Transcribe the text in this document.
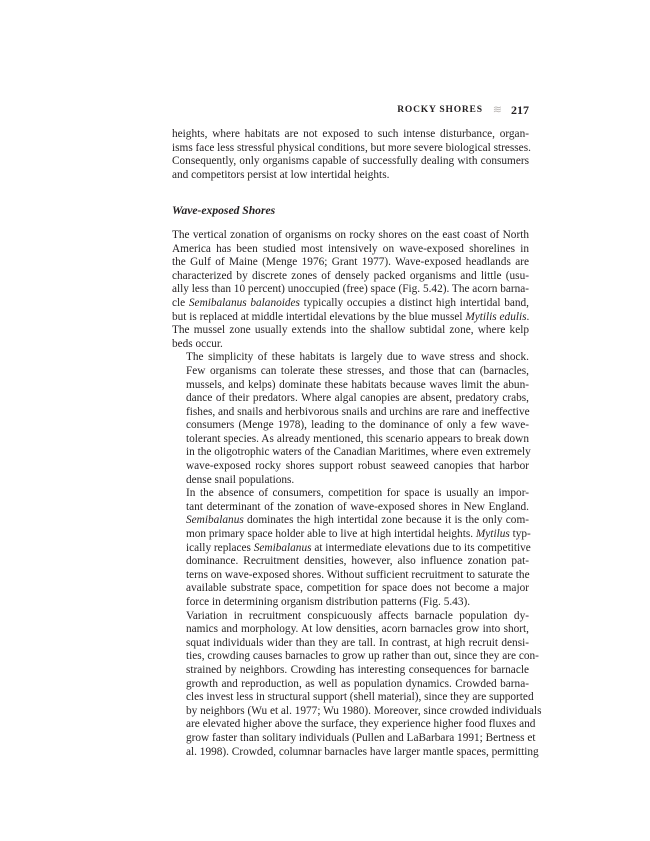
ROCKY SHORES ≋ 217

heights, where habitats are not exposed to such intense disturbance, organ-
isms face less stressful physical conditions, but more severe biological stresses.
Consequently, only organisms capable of successfully dealing with consumers
and competitors persist at low intertidal heights.

Wave-exposed Shores

The vertical zonation of organisms on rocky shores on the east coast of North
America has been studied most intensively on wave-exposed shorelines in
the Gulf of Maine (Menge 1976; Grant 1977). Wave-exposed headlands are
characterized by discrete zones of densely packed organisms and little (usu-
ally less than 10 percent) unoccupied (free) space (Fig. 5.42). The acorn barna-
cle Semibalanus balanoides typically occupies a distinct high intertidal band,
but is replaced at middle intertidal elevations by the blue mussel Mytilis edulis.
The mussel zone usually extends into the shallow subtidal zone, where kelp
beds occur.

The simplicity of these habitats is largely due to wave stress and shock.
Few organisms can tolerate these stresses, and those that can (barnacles,
mussels, and kelps) dominate these habitats because waves limit the abun-
dance of their predators. Where algal canopies are absent, predatory crabs,
fishes, and snails and herbivorous snails and urchins are rare and ineffective
consumers (Menge 1978), leading to the dominance of only a few wave-
tolerant species. As already mentioned, this scenario appears to break down
in the oligotrophic waters of the Canadian Maritimes, where even extremely
wave-exposed rocky shores support robust seaweed canopies that harbor
dense snail populations.

In the absence of consumers, competition for space is usually an impor-
tant determinant of the zonation of wave-exposed shores in New England.
Semibalanus dominates the high intertidal zone because it is the only com-
mon primary space holder able to live at high intertidal heights. Mytilus typ-
ically replaces Semibalanus at intermediate elevations due to its competitive
dominance. Recruitment densities, however, also influence zonation pat-
terns on wave-exposed shores. Without sufficient recruitment to saturate the
available substrate space, competition for space does not become a major
force in determining organism distribution patterns (Fig. 5.43).

Variation in recruitment conspicuously affects barnacle population dy-
namics and morphology. At low densities, acorn barnacles grow into short,
squat individuals wider than they are tall. In contrast, at high recruit densi-
ties, crowding causes barnacles to grow up rather than out, since they are con-
strained by neighbors. Crowding has interesting consequences for barnacle
growth and reproduction, as well as population dynamics. Crowded barna-
cles invest less in structural support (shell material), since they are supported
by neighbors (Wu et al. 1977; Wu 1980). Moreover, since crowded individuals
are elevated higher above the surface, they experience higher food fluxes and
grow faster than solitary individuals (Pullen and LaBarbara 1991; Bertness et
al. 1998). Crowded, columnar barnacles have larger mantle spaces, permitting
